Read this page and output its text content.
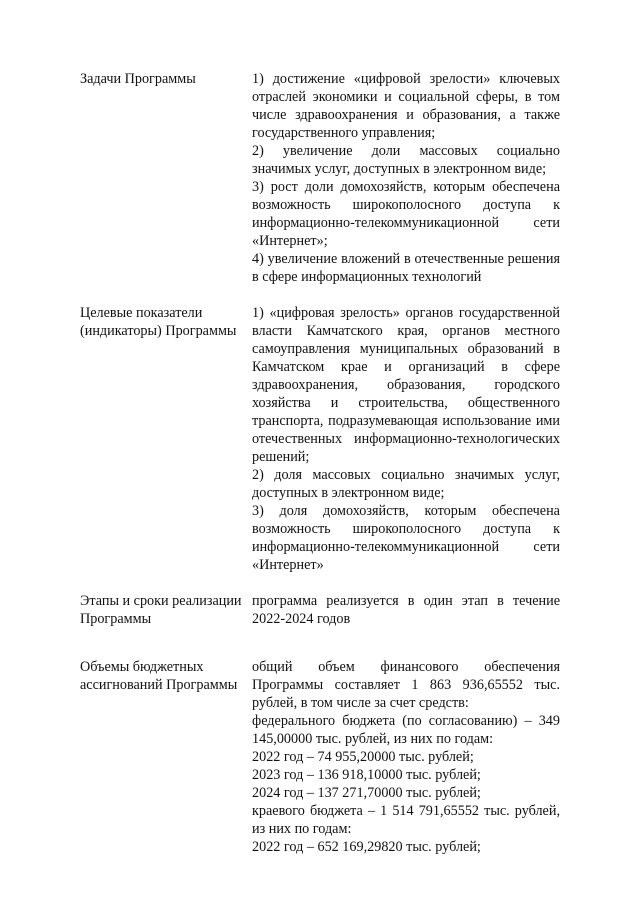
Задачи Программы	1) достижение «цифровой зрелости» ключевых отраслей экономики и социальной сферы, в том числе здравоохранения и образования, а также государственного управления;

2) увеличение доли массовых социально значимых услуг, доступных в электронном виде;

3) рост доли домохозяйств, которым обеспечена возможность широкополосного доступа к информационно-телекоммуникационной сети «Интернет»;

4) увеличение вложений в отечественные решения в сфере информационных технологий

Целевые показатели (индикаторы) Программы

1) «цифровая зрелость» органов государственной власти Камчатского края, органов местного самоуправления муниципальных образований в Камчатском крае и организаций в сфере здравоохранения, образования, городского хозяйства и строительства, общественного транспорта, подразумевающая использование ими отечественных информационно-технологических решений;

2) доля массовых социально значимых услуг, доступных в электронном виде;

3) доля домохозяйств, которым обеспечена возможность широкополосного доступа к информационно-телекоммуникационной сети «Интернет»

Этапы и сроки реализации Программы

программа реализуется в один этап в течение 2022-2024 годов

Объемы бюджетных ассигнований Программы

общий объем финансового обеспечения Программы составляет 1 863 936,65552 тыс. рублей, в том числе за счет средств:

федерального бюджета (по согласованию) – 349 145,00000 тыс. рублей, из них по годам:

2022 год – 74 955,20000 тыс. рублей;

2023 год – 136 918,10000 тыс. рублей;

2024 год – 137 271,70000 тыс. рублей;

краевого бюджета – 1 514 791,65552 тыс. рублей, из них по годам:

2022 год – 652 169,29820 тыс. рублей;
